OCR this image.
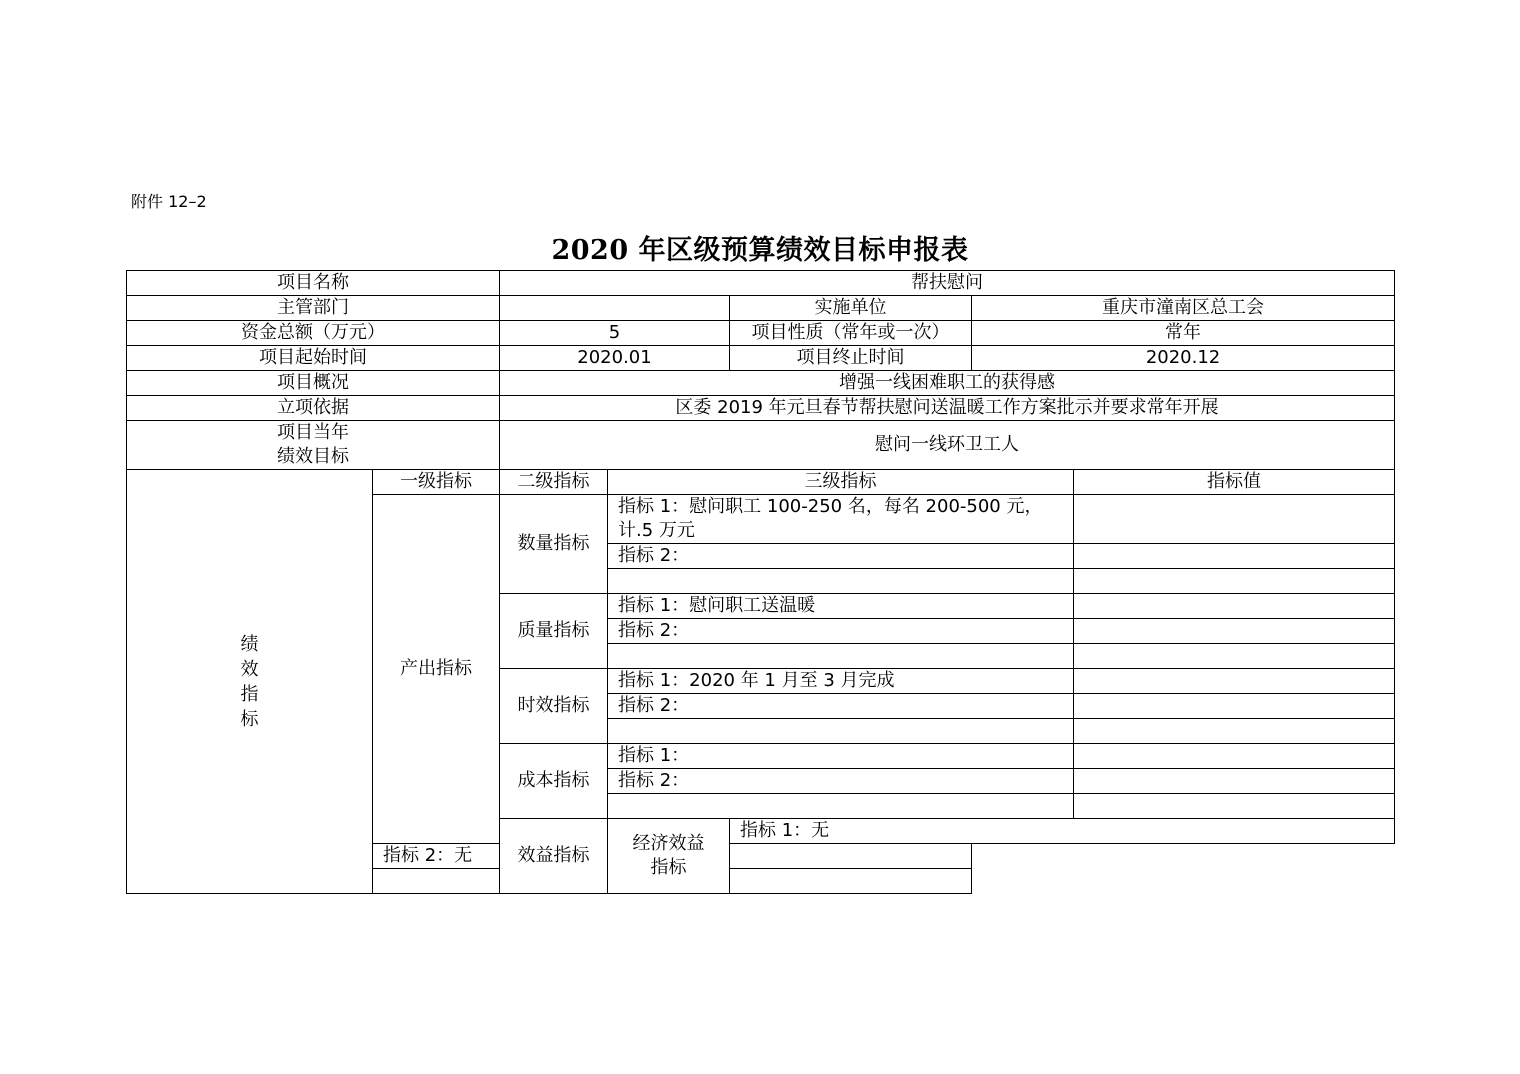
附件 12–2
2020 年区级预算绩效目标申报表
项目名称		帮扶慰问					
主管部门				实施单位	重庆市潼南区总工会		
资金总额（万元）		5		项目性质（常年或一次）	常年		
项目起始时间		2020.01		项目终止时间	2020.12		
项目概况		增强一线困难职工的获得感					
立项依据		区委 2019 年元旦春节帮扶慰问送温暖工作方案批示并要求常年开展					
项目当年
绩效目标		慰问一线环卫工人					
绩效指标	一级指标	二级指标	三级指标			指标值	
	产出指标	数量指标	指标 1：慰问职工 100-250 名，每名 200-500 元，计.5 万元				
			指标 2：				

		质量指标	指标 1：慰问职工送温暖				
			指标 2：				

		时效指标	指标 1：2020 年 1 月至 3 月完成				
			指标 2：				

		成本指标	指标 1：				
			指标 2：				

		效益指标	经济效益指标	指标 1：无			
	指标 2：无						
